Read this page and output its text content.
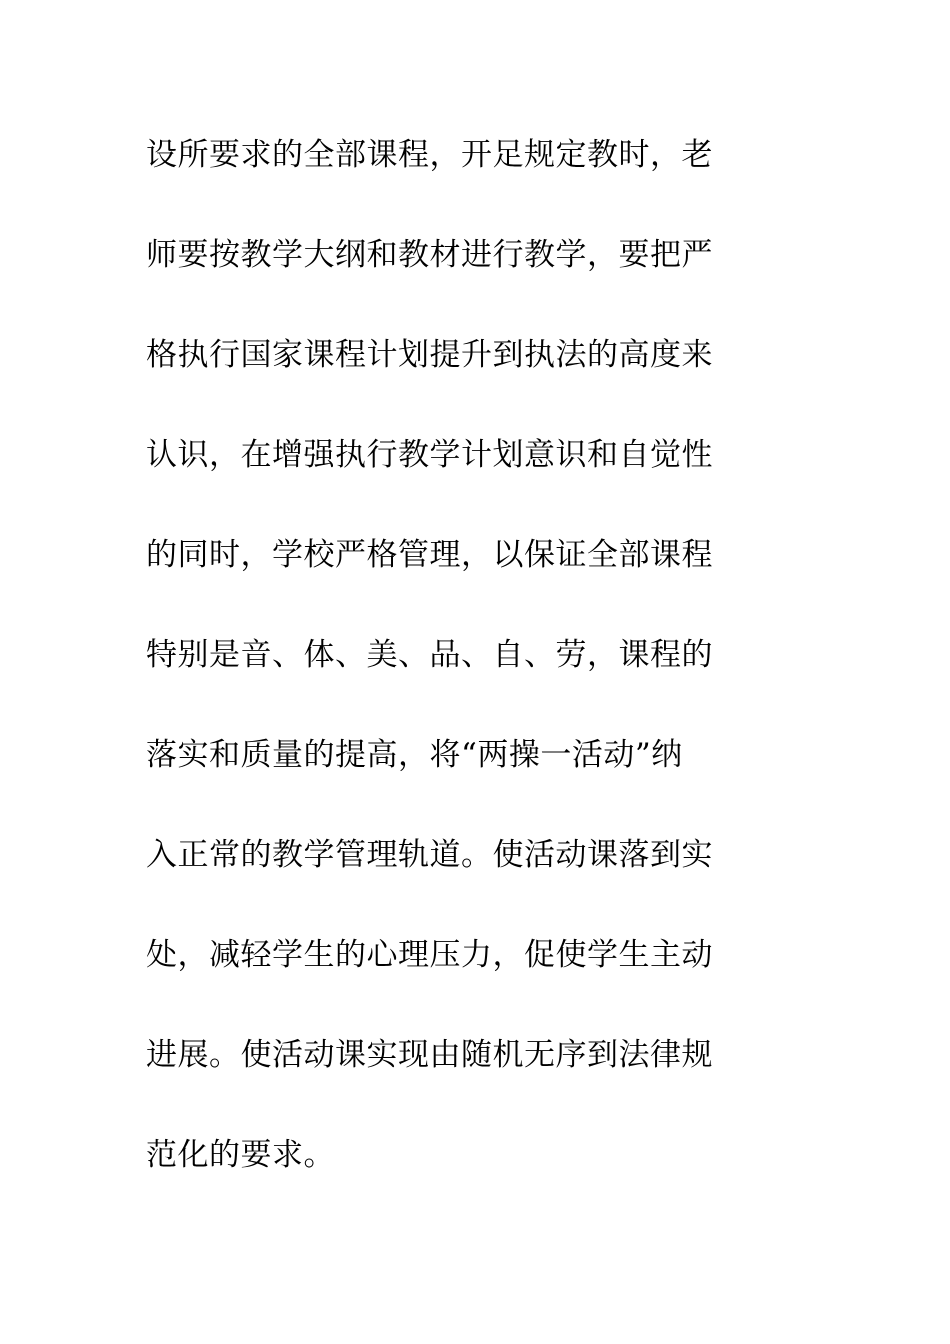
设所要求的全部课程，开足规定教时，老
师要按教学大纲和教材进行教学，要把严
格执行国家课程计划提升到执法的高度来
认识，在增强执行教学计划意识和自觉性
的同时，学校严格管理，以保证全部课程
特别是音、体、美、品、自、劳，课程的
落实和质量的提高，将“两操一活动”纳
入正常的教学管理轨道。使活动课落到实
处，减轻学生的心理压力，促使学生主动
进展。使活动课实现由随机无序到法律规
范化的要求。
